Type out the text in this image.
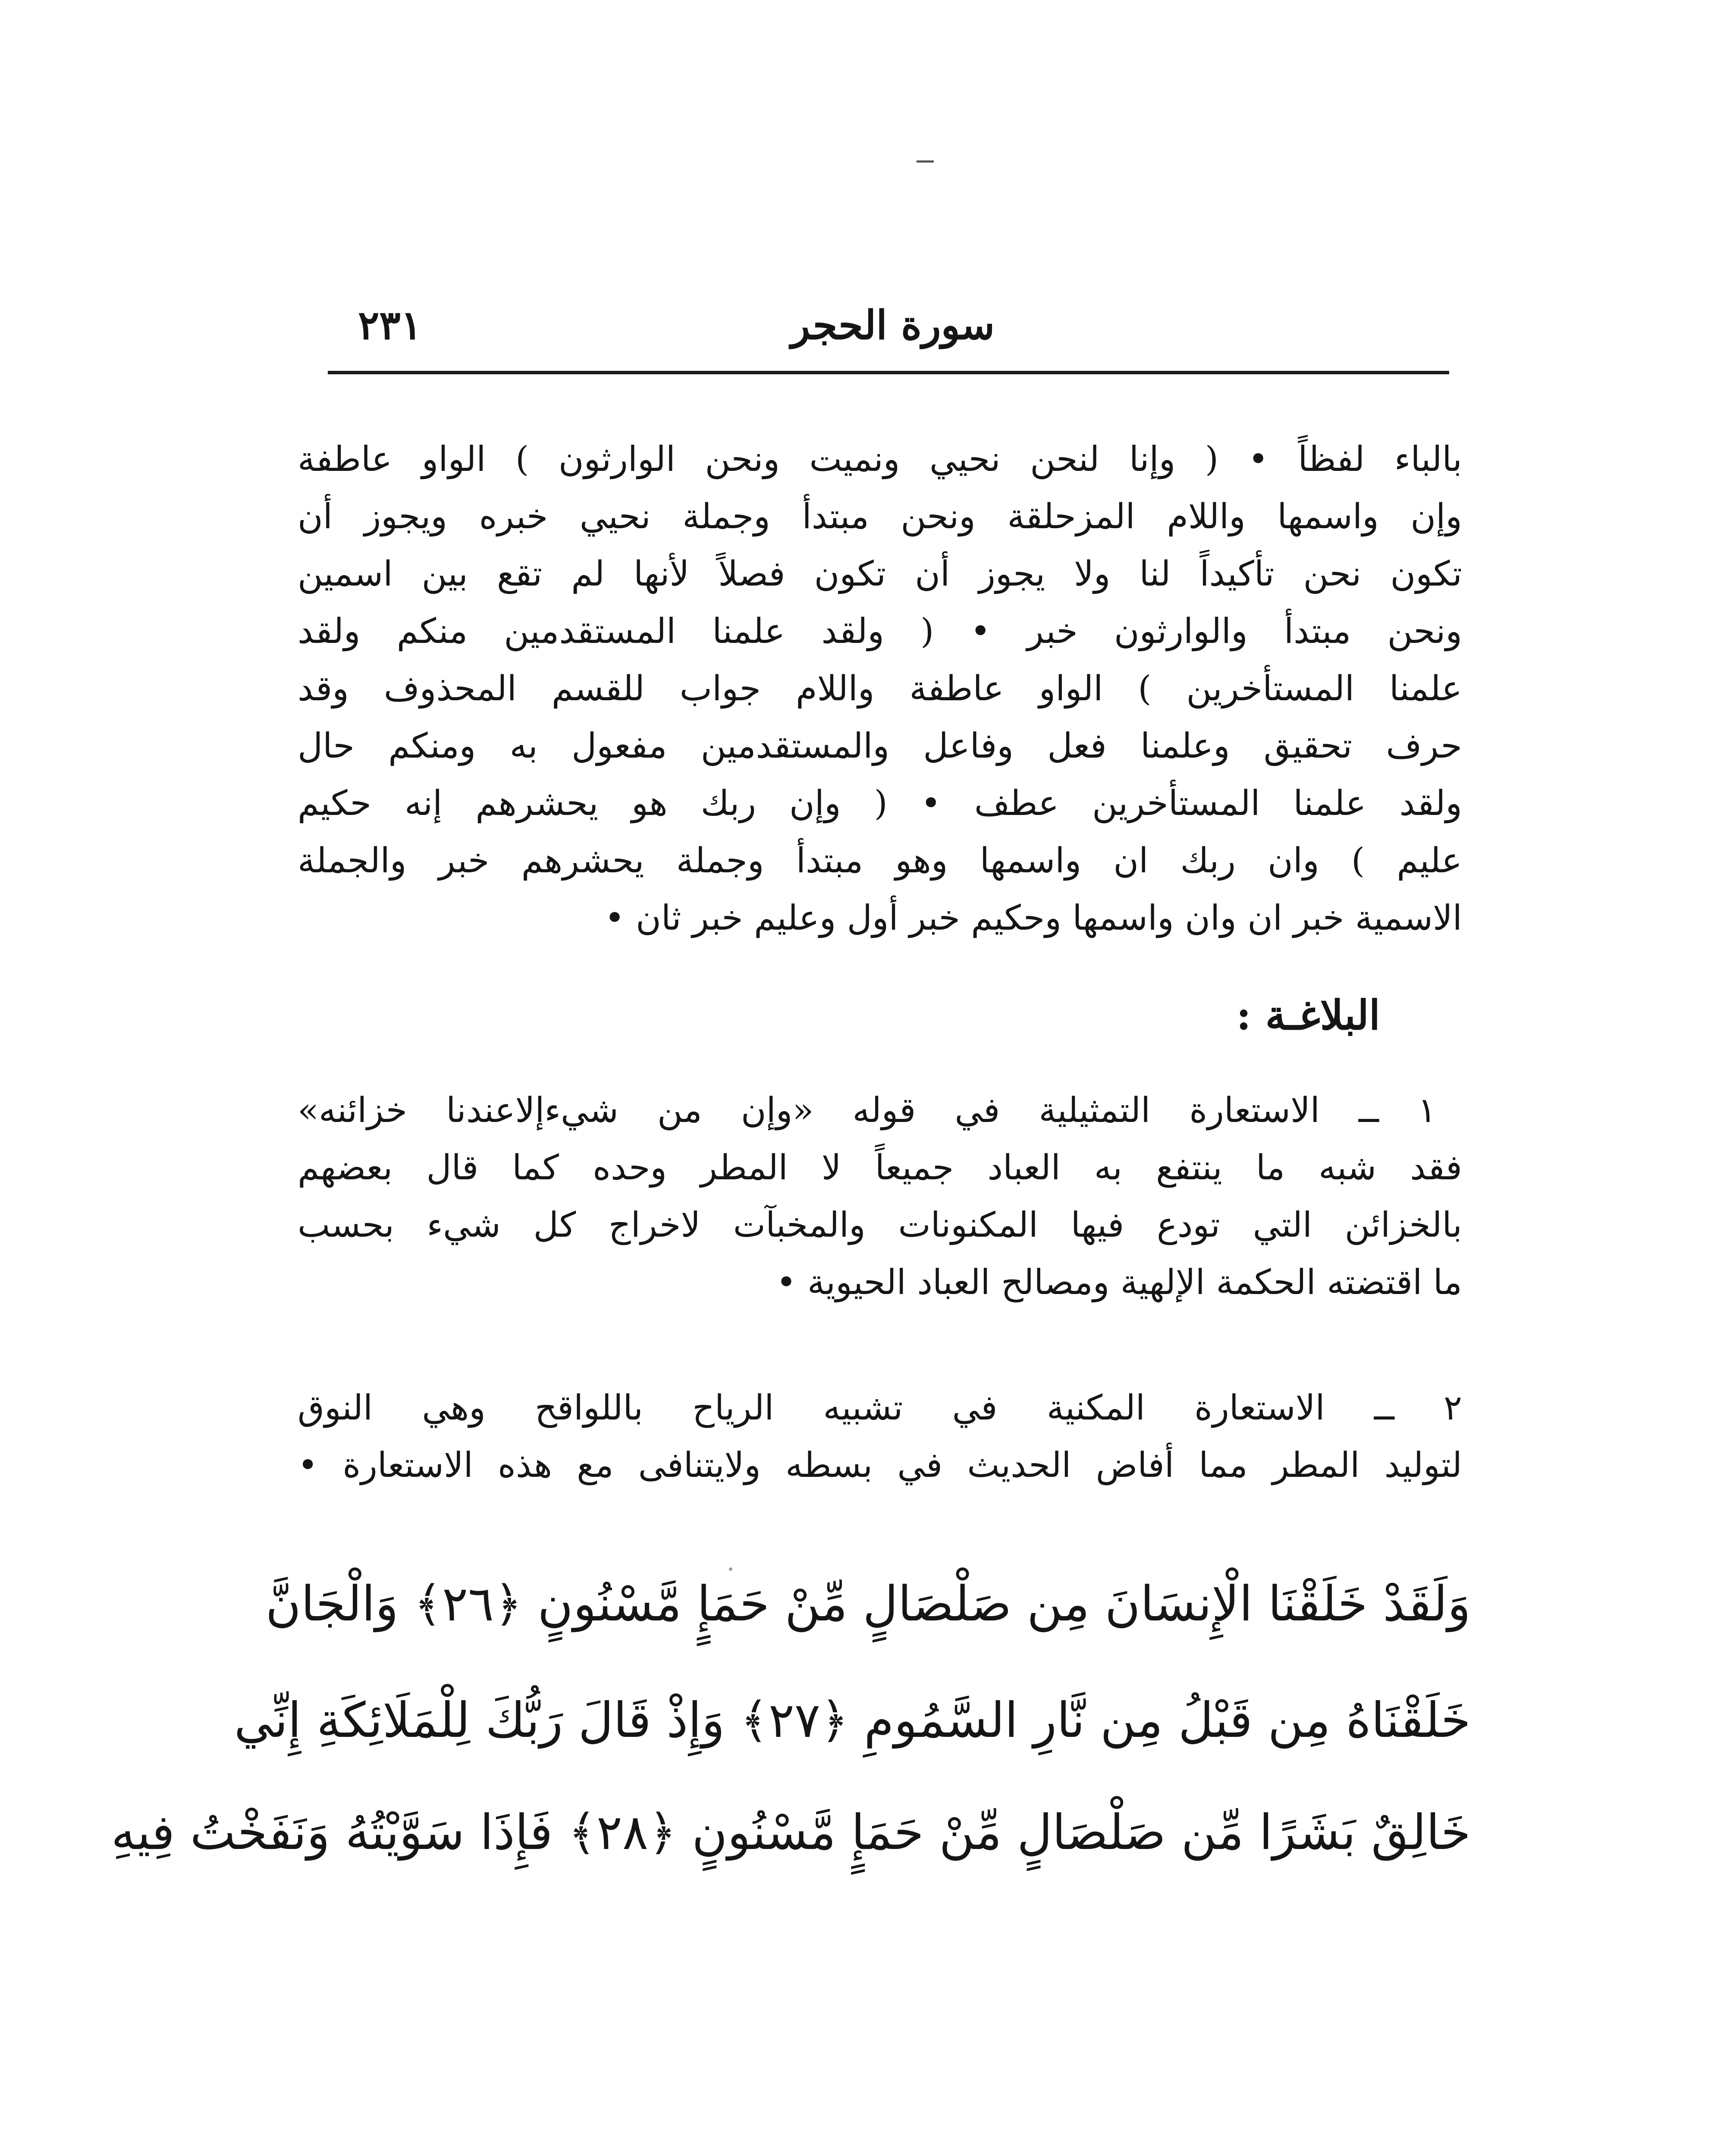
٢٣١	سورة الحجر
بالباء لفظاً • ( وإنا لنحن نحيي ونميت ونحن الوارثون ) الواو عاطفة
وإن واسمها واللام المزحلقة ونحن مبتدأ وجملة نحيي خبره ويجوز أن
تكون نحن تأكيداً لنا ولا يجوز أن تكون فصلاً لأنها لم تقع بين اسمين
ونحن مبتدأ والوارثون خبر • ( ولقد علمنا المستقدمين منكم ولقد
علمنا المستأخرين ) الواو عاطفة واللام جواب للقسم المحذوف وقد
حرف تحقيق وعلمنا فعل وفاعل والمستقدمين مفعول به ومنكم حال
ولقد علمنا المستأخرين عطف • ( وإن ربك هو يحشرهم إنه حكيم
عليم ) وان ربك ان واسمها وهو مبتدأ وجملة يحشرهم خبر والجملة
الاسمية خبر ان وان واسمها وحكيم خبر أول وعليم خبر ثان •
البلاغـة :
١ ــ الاستعارة التمثيلية في قوله «وإن من شيءإلاعندنا خزائنه»
فقد شبه ما ينتفع به العباد جميعاً لا المطر وحده كما قال بعضهم
بالخزائن التي تودع فيها المكنونات والمخبآت لاخراج كل شيء بحسب
ما اقتضته الحكمة الإلهية ومصالح العباد الحيوية •
٢ ــ الاستعارة المكنية في تشبيه الرياح باللواقح وهي النوق
لتوليد المطر مما أفاض الحديث في بسطه ولايتنافى مع هذه الاستعارة •
وَلَقَدْ خَلَقْنَا الْإِنسَانَ مِن صَلْصَالٍ مِّنْ حَمَإٍ مَّسْنُونٍ ﴿٢٦﴾ وَالْجَانَّ
خَلَقْنَاهُ مِن قَبْلُ مِن نَّارِ السَّمُومِ ﴿٢٧﴾ وَإِذْ قَالَ رَبُّكَ لِلْمَلَائِكَةِ إِنِّي
خَالِقٌ بَشَرًا مِّن صَلْصَالٍ مِّنْ حَمَإٍ مَّسْنُونٍ ﴿٢٨﴾ فَإِذَا سَوَّيْتُهُ وَنَفَخْتُ فِيهِ
